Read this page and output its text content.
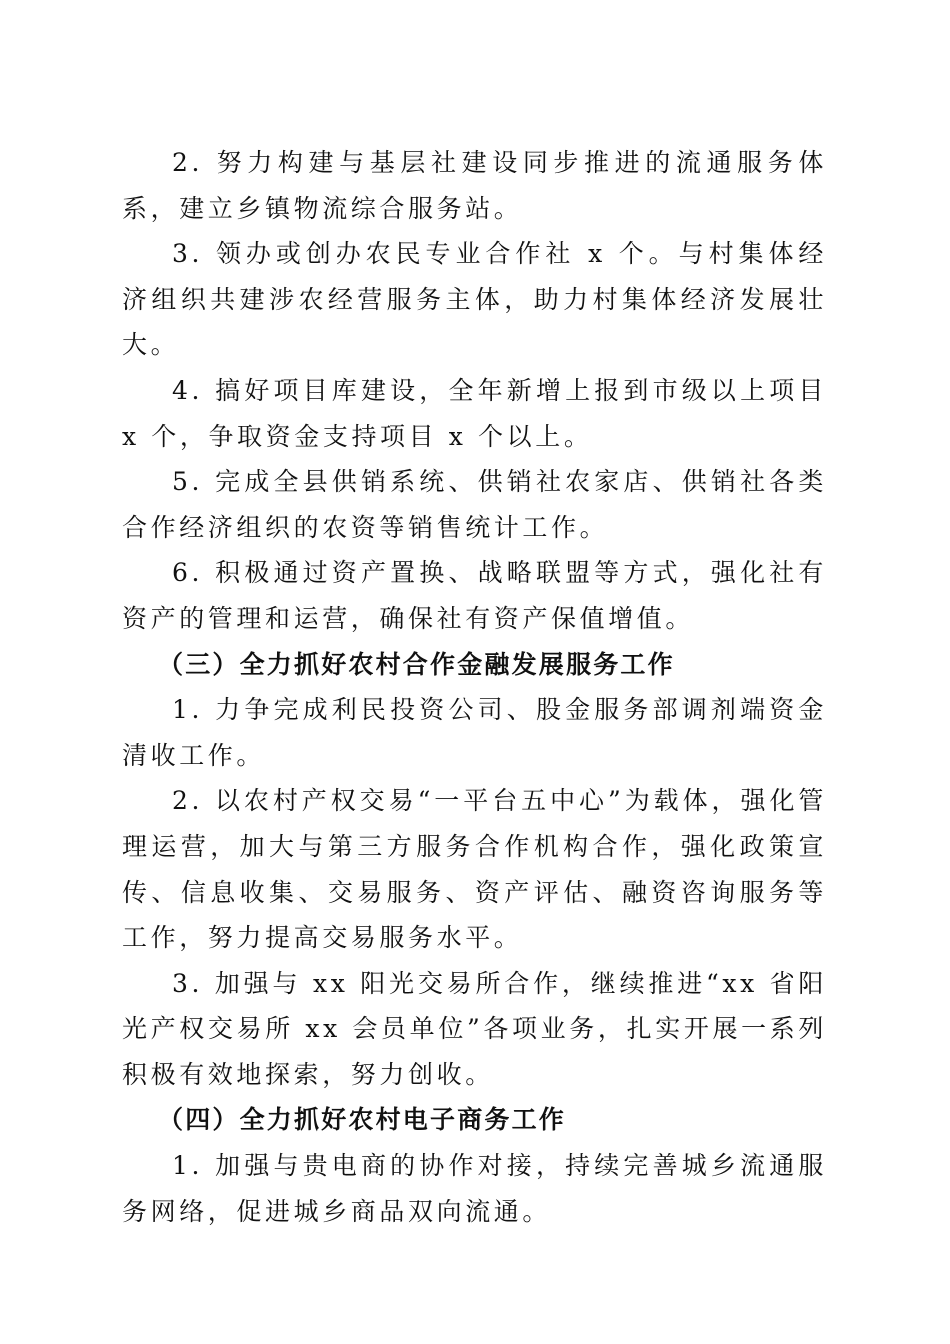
2. 努力构建与基层社建设同步推进的流通服务体系，建立乡镇物流综合服务站。

3. 领办或创办农民专业合作社 x 个。与村集体经济组织共建涉农经营服务主体，助力村集体经济发展壮大。

4. 搞好项目库建设，全年新增上报到市级以上项目 x 个，争取资金支持项目 x 个以上。

5. 完成全县供销系统、供销社农家店、供销社各类合作经济组织的农资等销售统计工作。

6. 积极通过资产置换、战略联盟等方式，强化社有资产的管理和运营，确保社有资产保值增值。

（三）全力抓好农村合作金融发展服务工作

1. 力争完成利民投资公司、股金服务部调剂端资金清收工作。

2. 以农村产权交易“一平台五中心”为载体，强化管理运营，加大与第三方服务合作机构合作，强化政策宣传、信息收集、交易服务、资产评估、融资咨询服务等工作，努力提高交易服务水平。

3. 加强与 xx 阳光交易所合作，继续推进“xx 省阳光产权交易所 xx 会员单位”各项业务，扎实开展一系列积极有效地探索，努力创收。

（四）全力抓好农村电子商务工作

1. 加强与贵电商的协作对接，持续完善城乡流通服务网络，促进城乡商品双向流通。
